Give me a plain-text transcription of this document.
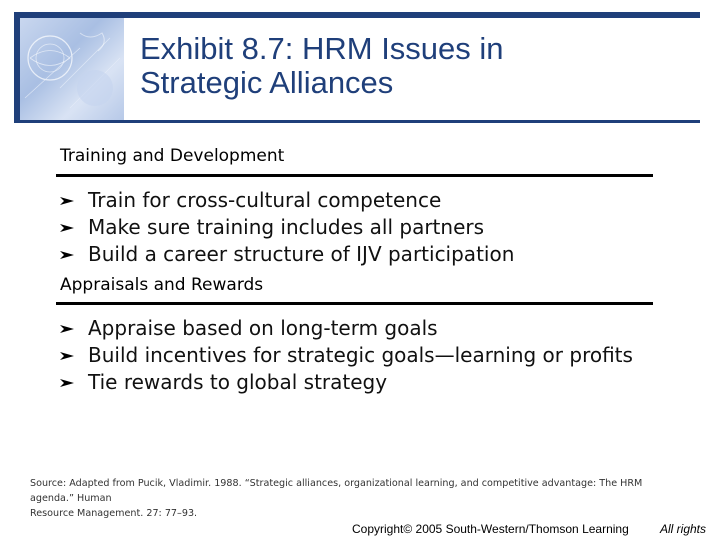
Exhibit 8.7: HRM Issues in
Strategic Alliances
Training and Development
Train for cross-cultural competence
Make sure training includes all partners
Build a career structure of IJV participation
Appraisals and Rewards
Appraise based on long-term goals
Build incentives for strategic goals—learning or profits
Tie rewards to global strategy
Source: Adapted from Pucik, Vladimir. 1988. “Strategic alliances, organizational learning, and competitive advantage: The HRM agenda.” Human
Resource Management. 27: 77–93.
Copyright© 2005 South-Western/Thomson Learning	All rights
